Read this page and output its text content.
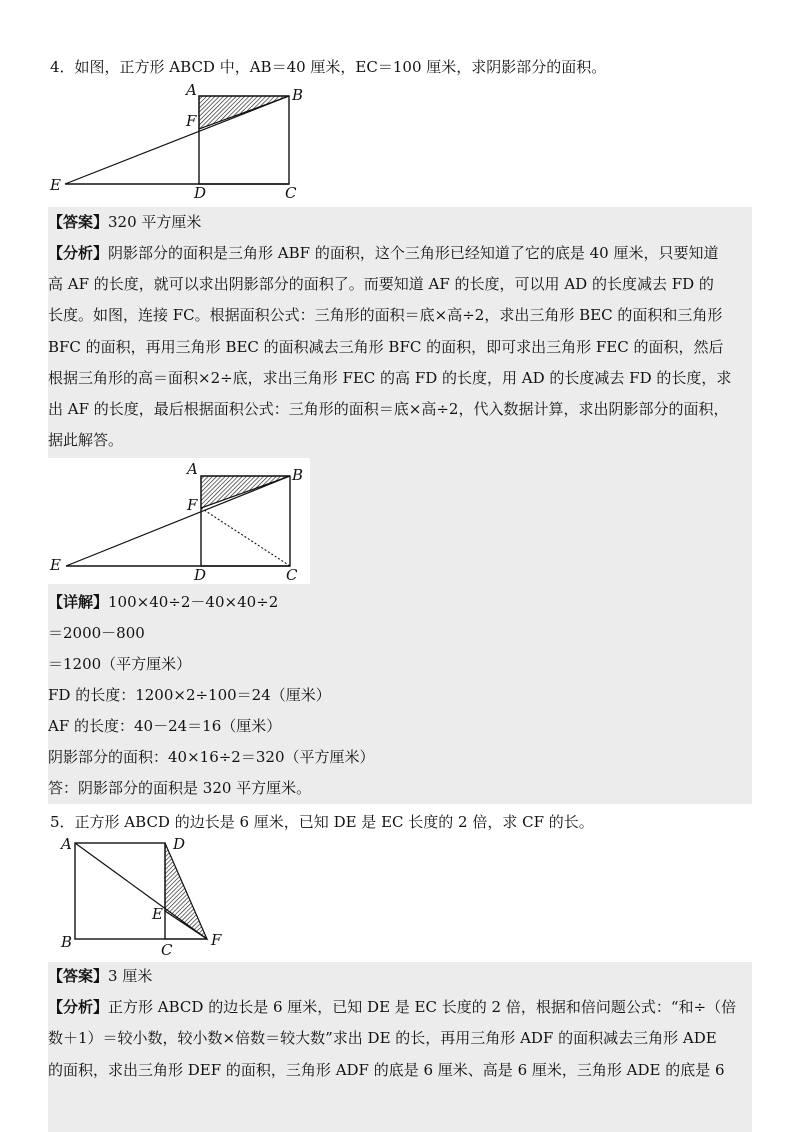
4．如图，正方形 ABCD 中，AB＝40 厘米，EC＝100 厘米，求阴影部分的面积。
A	B
F
E	D	C
【答案】320 平方厘米
【分析】阴影部分的面积是三角形 ABF 的面积，这个三角形已经知道了它的底是 40 厘米，只要知道
高 AF 的长度，就可以求出阴影部分的面积了。而要知道 AF 的长度，可以用 AD 的长度减去 FD 的
长度。如图，连接 FC。根据面积公式：三角形的面积＝底×高÷2，求出三角形 BEC 的面积和三角形
BFC 的面积，再用三角形 BEC 的面积减去三角形 BFC 的面积，即可求出三角形 FEC 的面积，然后
根据三角形的高＝面积×2÷底，求出三角形 FEC 的高 FD 的长度，用 AD 的长度减去 FD 的长度，求
出 AF 的长度，最后根据面积公式：三角形的面积＝底×高÷2，代入数据计算，求出阴影部分的面积，
据此解答。
A	B
F
E
D	C
【详解】100×40÷2－40×40÷2
＝2000－800
＝1200（平方厘米）
FD 的长度：1200×2÷100＝24（厘米）
AF 的长度：40－24＝16（厘米）
阴影部分的面积：40×16÷2＝320（平方厘米）
答：阴影部分的面积是 320 平方厘米。
5．正方形 ABCD 的边长是 6 厘米，已知 DE 是 EC 长度的 2 倍，求 CF 的长。
A	D
E
B	C
F
【答案】3 厘米
【分析】正方形 ABCD 的边长是 6 厘米，已知 DE 是 EC 长度的 2 倍，根据和倍问题公式：“和÷（倍
数＋1）＝较小数，较小数×倍数＝较大数”求出 DE 的长，再用三角形 ADF 的面积减去三角形 ADE
的面积，求出三角形 DEF 的面积，三角形 ADF 的底是 6 厘米、高是 6 厘米，三角形 ADE 的底是 6
